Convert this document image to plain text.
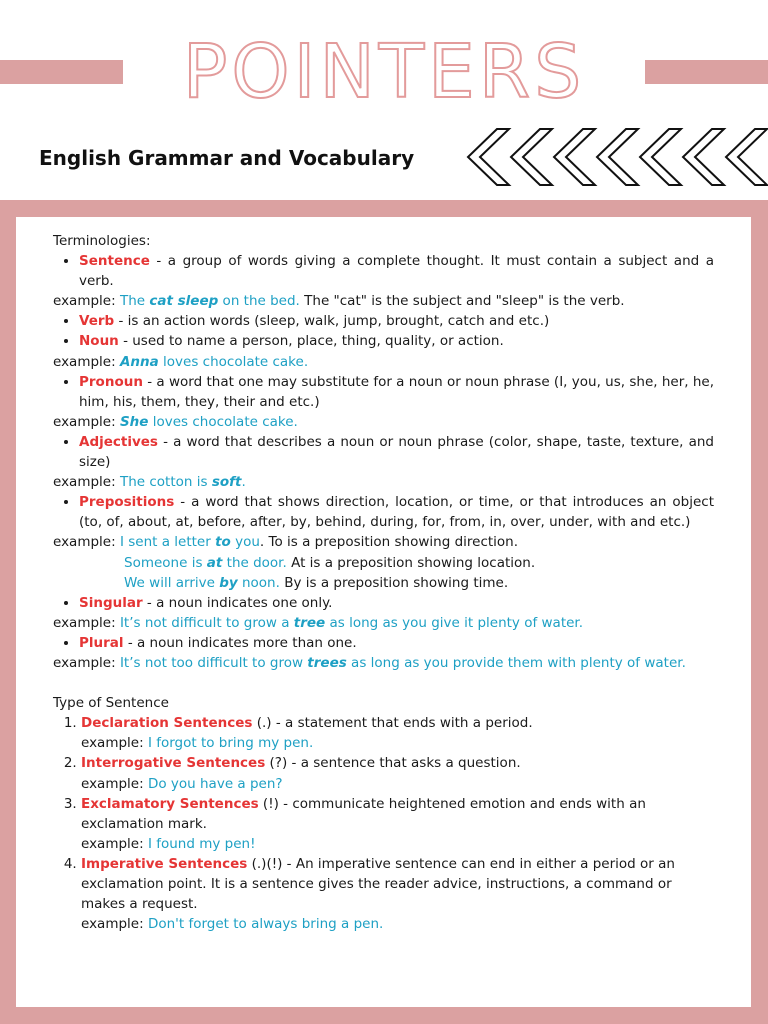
POINTERS
English Grammar and Vocabulary

Terminologies:

• Sentence - a group of words giving a complete thought. It must contain a subject and a verb.

example: The cat sleep on the bed. The "cat" is the subject and "sleep" is the verb.

• Verb - is an action words (sleep, walk, jump, brought, catch and etc.)
• Noun - used to name a person, place, thing, quality, or action.

example: Anna loves chocolate cake.

• Pronoun - a word that one may substitute for a noun or noun phrase (I, you, us, she, her, he, him, his, them, they, their and etc.)

example: She loves chocolate cake.

• Adjectives - a word that describes a noun or noun phrase (color, shape, taste, texture, and size)

example: The cotton is soft.

• Prepositions - a word that shows direction, location, or time, or that introduces an object (to, of, about, at, before, after, by, behind, during, for, from, in, over, under, with and etc.)

example: I sent a letter to you. To is a preposition showing direction.

Someone is at the door. At is a preposition showing location.

We will arrive by noon. By is a preposition showing time.

• Singular - a noun indicates one only.

example: It’s not difficult to grow a tree as long as you give it plenty of water.

• Plural - a noun indicates more than one.

example: It’s not too difficult to grow trees as long as you provide them with plenty of water.

Type of Sentence

1. Declaration Sentences (.) - a statement that ends with a period.
example: I forgot to bring my pen.
2. Interrogative Sentences (?) - a sentence that asks a question.
example: Do you have a pen?
3. Exclamatory Sentences (!) - communicate heightened emotion and ends with an exclamation mark.
example: I found my pen!
4. Imperative Sentences (.)(!) - An imperative sentence can end in either a period or an exclamation point. It is a sentence gives the reader advice, instructions, a command or makes a request.
example: Don't forget to always bring a pen.
